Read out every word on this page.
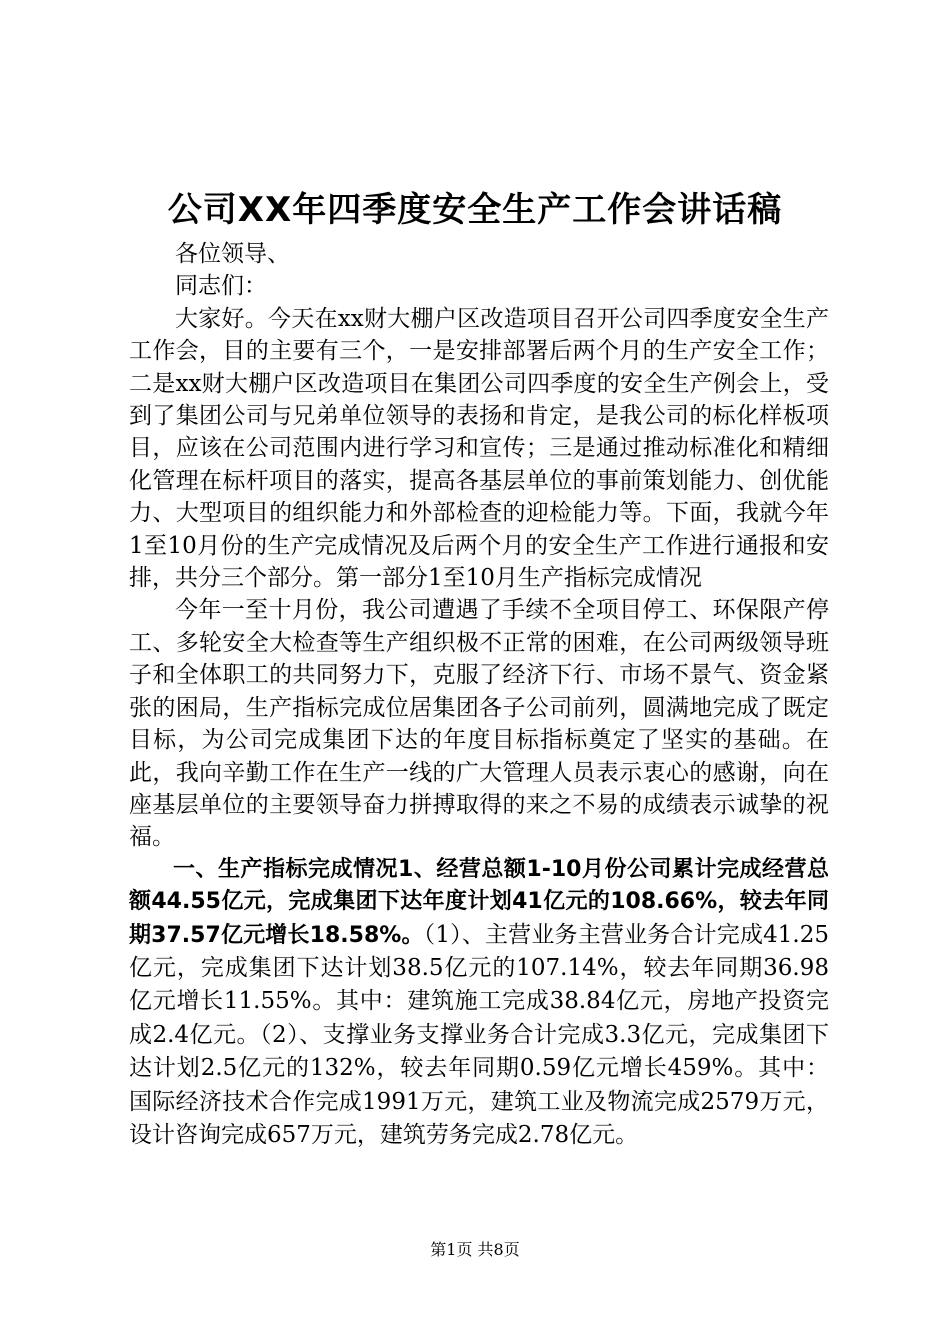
公司XX年四季度安全生产工作会讲话稿

各位领导、

同志们：

大家好。今天在xx财大棚户区改造项目召开公司四季度安全生产工作会，目的主要有三个，一是安排部署后两个月的生产安全工作；二是xx财大棚户区改造项目在集团公司四季度的安全生产例会上，受到了集团公司与兄弟单位领导的表扬和肯定，是我公司的标化样板项目，应该在公司范围内进行学习和宣传；三是通过推动标准化和精细化管理在标杆项目的落实，提高各基层单位的事前策划能力、创优能力、大型项目的组织能力和外部检查的迎检能力等。下面，我就今年1至10月份的生产完成情况及后两个月的安全生产工作进行通报和安排，共分三个部分。第一部分1至10月生产指标完成情况

今年一至十月份，我公司遭遇了手续不全项目停工、环保限产停工、多轮安全大检查等生产组织极不正常的困难，在公司两级领导班子和全体职工的共同努力下，克服了经济下行、市场不景气、资金紧张的困局，生产指标完成位居集团各子公司前列，圆满地完成了既定目标，为公司完成集团下达的年度目标指标奠定了坚实的基础。在此，我向辛勤工作在生产一线的广大管理人员表示衷心的感谢，向在座基层单位的主要领导奋力拼搏取得的来之不易的成绩表示诚挚的祝福。

一、生产指标完成情况1、经营总额1-10月份公司累计完成经营总额44.55亿元，完成集团下达年度计划41亿元的108.66%，较去年同期37.57亿元增长18.58%。（1）、主营业务主营业务合计完成41.25亿元，完成集团下达计划38.5亿元的107.14%，较去年同期36.98亿元增长11.55%。其中：建筑施工完成38.84亿元，房地产投资完成2.4亿元。（2）、支撑业务支撑业务合计完成3.3亿元，完成集团下达计划2.5亿元的132%，较去年同期0.59亿元增长459%。其中：国际经济技术合作完成1991万元，建筑工业及物流完成2579万元，设计咨询完成657万元，建筑劳务完成2.78亿元。

第1页 共8页
